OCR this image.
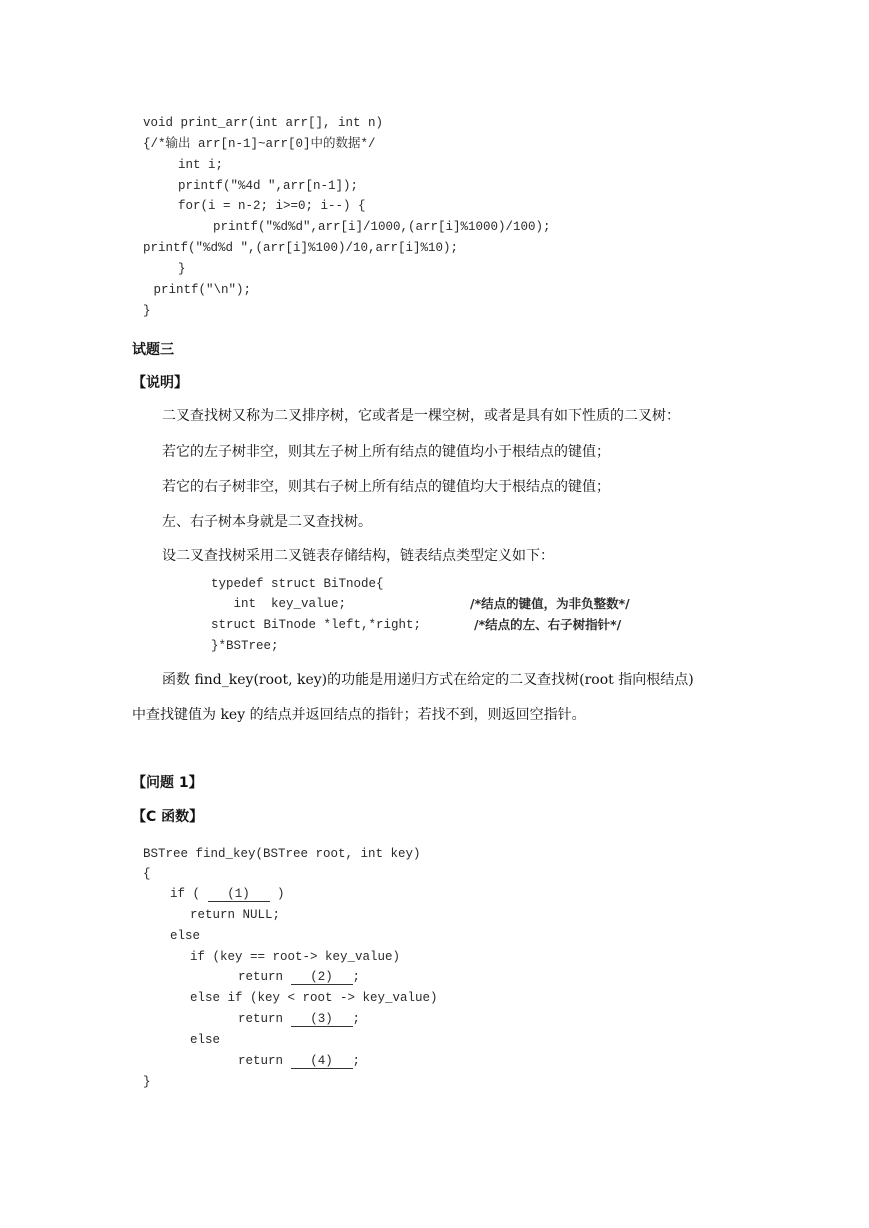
void print_arr(int arr[], int n)
{/*输出 arr[n-1]~arr[0]中的数据*/
int i;
printf("%4d ",arr[n-1]);
for(i = n-2; i>=0; i--) {
printf("%d%d",arr[i]/1000,(arr[i]%1000)/100);
printf("%d%d ",(arr[i]%100)/10,arr[i]%10);
}
printf("\n");
}
试题三
【说明】
二叉查找树又称为二叉排序树，它或者是一棵空树，或者是具有如下性质的二叉树：
若它的左子树非空，则其左子树上所有结点的键值均小于根结点的键值；
若它的右子树非空，则其右子树上所有结点的键值均大于根结点的键值；
左、右子树本身就是二叉查找树。
设二叉查找树采用二叉链表存储结构，链表结点类型定义如下：
typedef struct BiTnode{
int  key_value;
struct BiTnode *left,*right;
}*BSTree;
/*结点的键值，为非负整数*/
/*结点的左、右子树指针*/
函数 find_key(root, key)的功能是用递归方式在给定的二叉查找树(root 指向根结点)
中查找键值为 key 的结点并返回结点的指针；若找不到，则返回空指针。
【问题 1】
【C 函数】
BSTree find_key(BSTree root, int key)
{
if ( (1) )
return NULL;
else
if (key == root-> key_value)
return (2) ;
else if (key < root -> key_value)
return (3) ;
else
return (4) ;
}
